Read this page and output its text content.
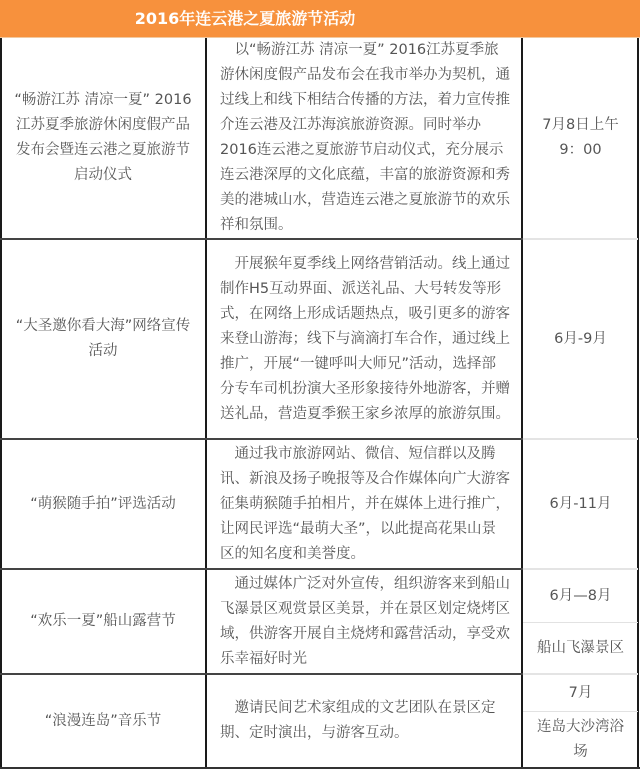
2016年连云港之夏旅游节活动
“畅游江苏 清凉一夏” 2016江苏夏季旅游休闲度假产品发布会暨连云港之夏旅游节启动仪式

以“畅游江苏 清凉一夏” 2016江苏夏季旅游休闲度假产品发布会在我市举办为契机，通过线上和线下相结合传播的方法，着力宣传推介连云港及江苏海滨旅游资源。同时举办2016连云港之夏旅游节启动仪式，充分展示连云港深厚的文化底蕴，丰富的旅游资源和秀美的港城山水，营造连云港之夏旅游节的欢乐祥和氛围。

7月8日上午9：00
“大圣邀你看大海”网络宣传活动

开展猴年夏季线上网络营销活动。线上通过制作H5互动界面、派送礼品、大号转发等形式，在网络上形成话题热点，吸引更多的游客来登山游海；线下与滴滴打车合作，通过线上推广，开展“一键呼叫大师兄”活动，选择部分专车司机扮演大圣形象接待外地游客，并赠送礼品，营造夏季猴王家乡浓厚的旅游氛围。

6月-9月
“萌猴随手拍”评选活动

通过我市旅游网站、微信、短信群以及腾讯、新浪及扬子晚报等及合作媒体向广大游客征集萌猴随手拍相片，并在媒体上进行推广，让网民评选“最萌大圣”，以此提高花果山景区的知名度和美誉度。

6月-11月
“欢乐一夏”船山露营节

通过媒体广泛对外宣传，组织游客来到船山飞瀑景区观赏景区美景，并在景区划定烧烤区域，供游客开展自主烧烤和露营活动，享受欢乐幸福好时光

6月—8月
船山飞瀑景区
“浪漫连岛”音乐节

邀请民间艺术家组成的文艺团队在景区定期、定时演出，与游客互动。

7月
连岛大沙湾浴场
